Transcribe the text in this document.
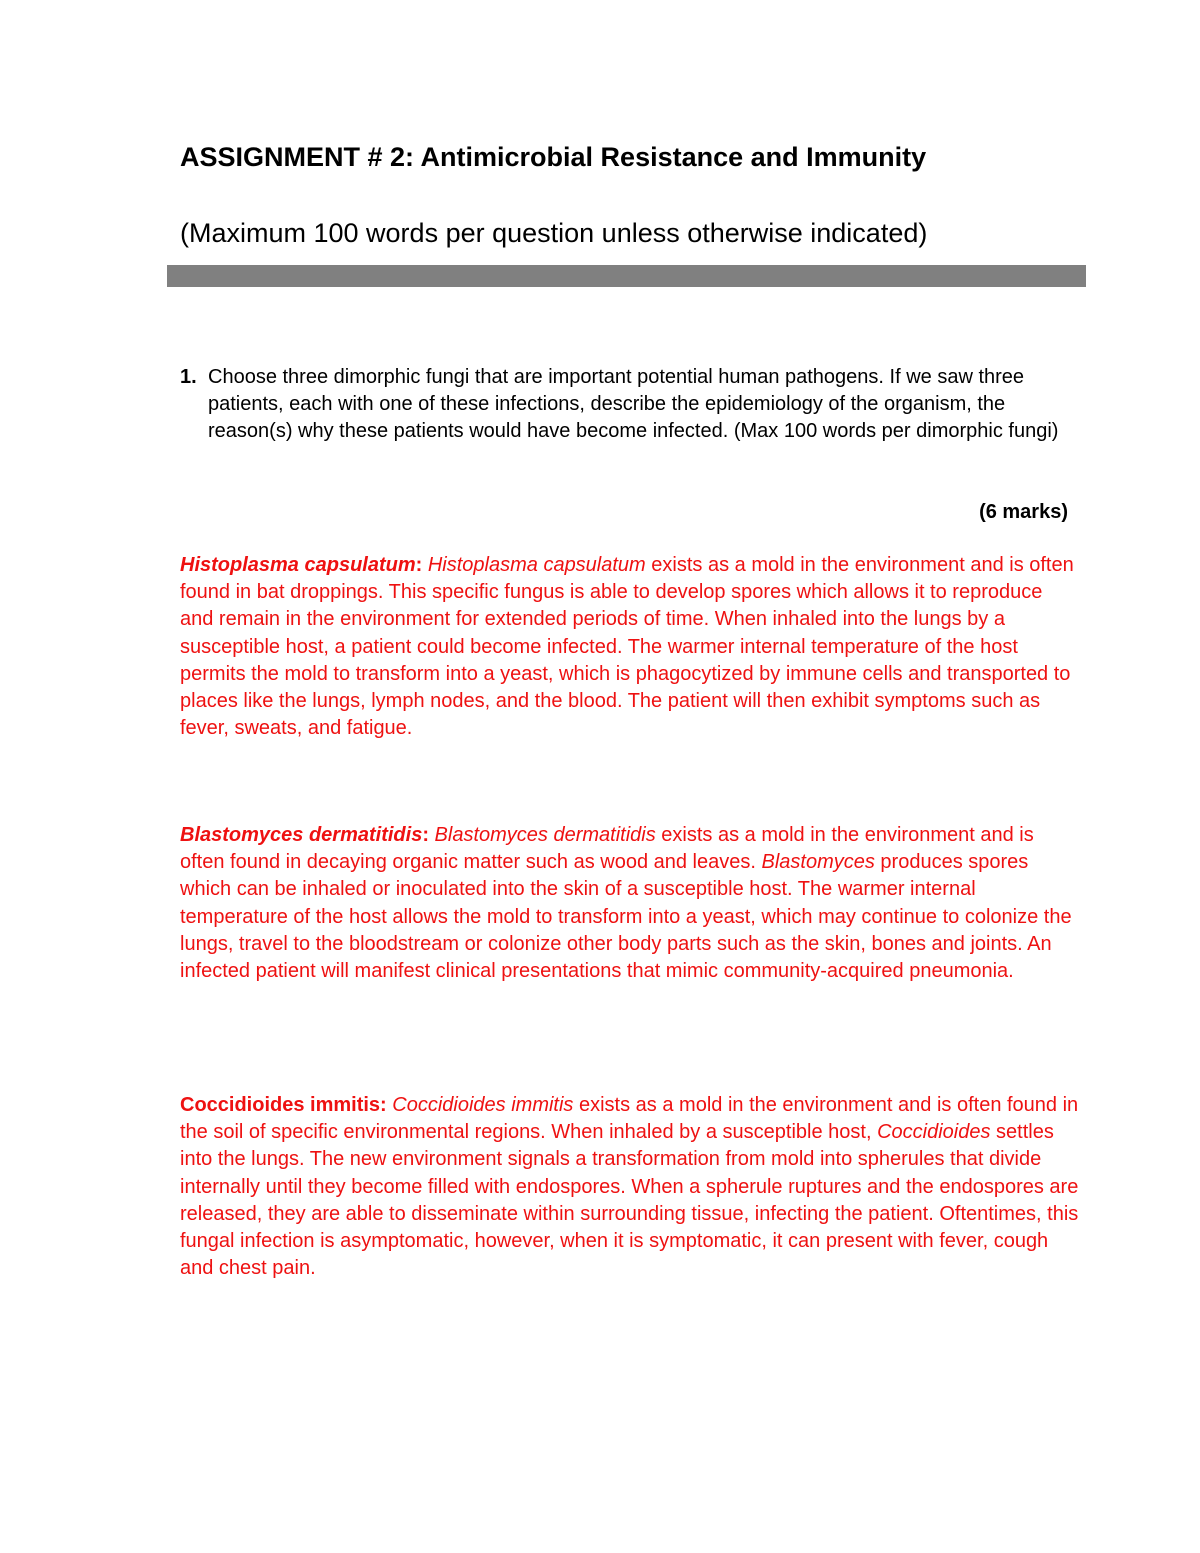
ASSIGNMENT # 2: Antimicrobial Resistance and Immunity

(Maximum 100 words per question unless otherwise indicated)

1. Choose three dimorphic fungi that are important potential human pathogens. If we saw three patients, each with one of these infections, describe the epidemiology of the organism, the reason(s) why these patients would have become infected. (Max 100 words per dimorphic fungi)
(6 marks)
Histoplasma capsulatum: Histoplasma capsulatum exists as a mold in the environment and is often found in bat droppings. This specific fungus is able to develop spores which allows it to reproduce and remain in the environment for extended periods of time. When inhaled into the lungs by a susceptible host, a patient could become infected. The warmer internal temperature of the host permits the mold to transform into a yeast, which is phagocytized by immune cells and transported to places like the lungs, lymph nodes, and the blood. The patient will then exhibit symptoms such as fever, sweats, and fatigue.
Blastomyces dermatitidis: Blastomyces dermatitidis exists as a mold in the environment and is often found in decaying organic matter such as wood and leaves. Blastomyces produces spores which can be inhaled or inoculated into the skin of a susceptible host. The warmer internal temperature of the host allows the mold to transform into a yeast, which may continue to colonize the lungs, travel to the bloodstream or colonize other body parts such as the skin, bones and joints. An infected patient will manifest clinical presentations that mimic community-acquired pneumonia.
Coccidioides immitis: Coccidioides immitis exists as a mold in the environment and is often found in the soil of specific environmental regions. When inhaled by a susceptible host, Coccidioides settles into the lungs. The new environment signals a transformation from mold into spherules that divide internally until they become filled with endospores. When a spherule ruptures and the endospores are released, they are able to disseminate within surrounding tissue, infecting the patient. Oftentimes, this fungal infection is asymptomatic, however, when it is symptomatic, it can present with fever, cough and chest pain.
